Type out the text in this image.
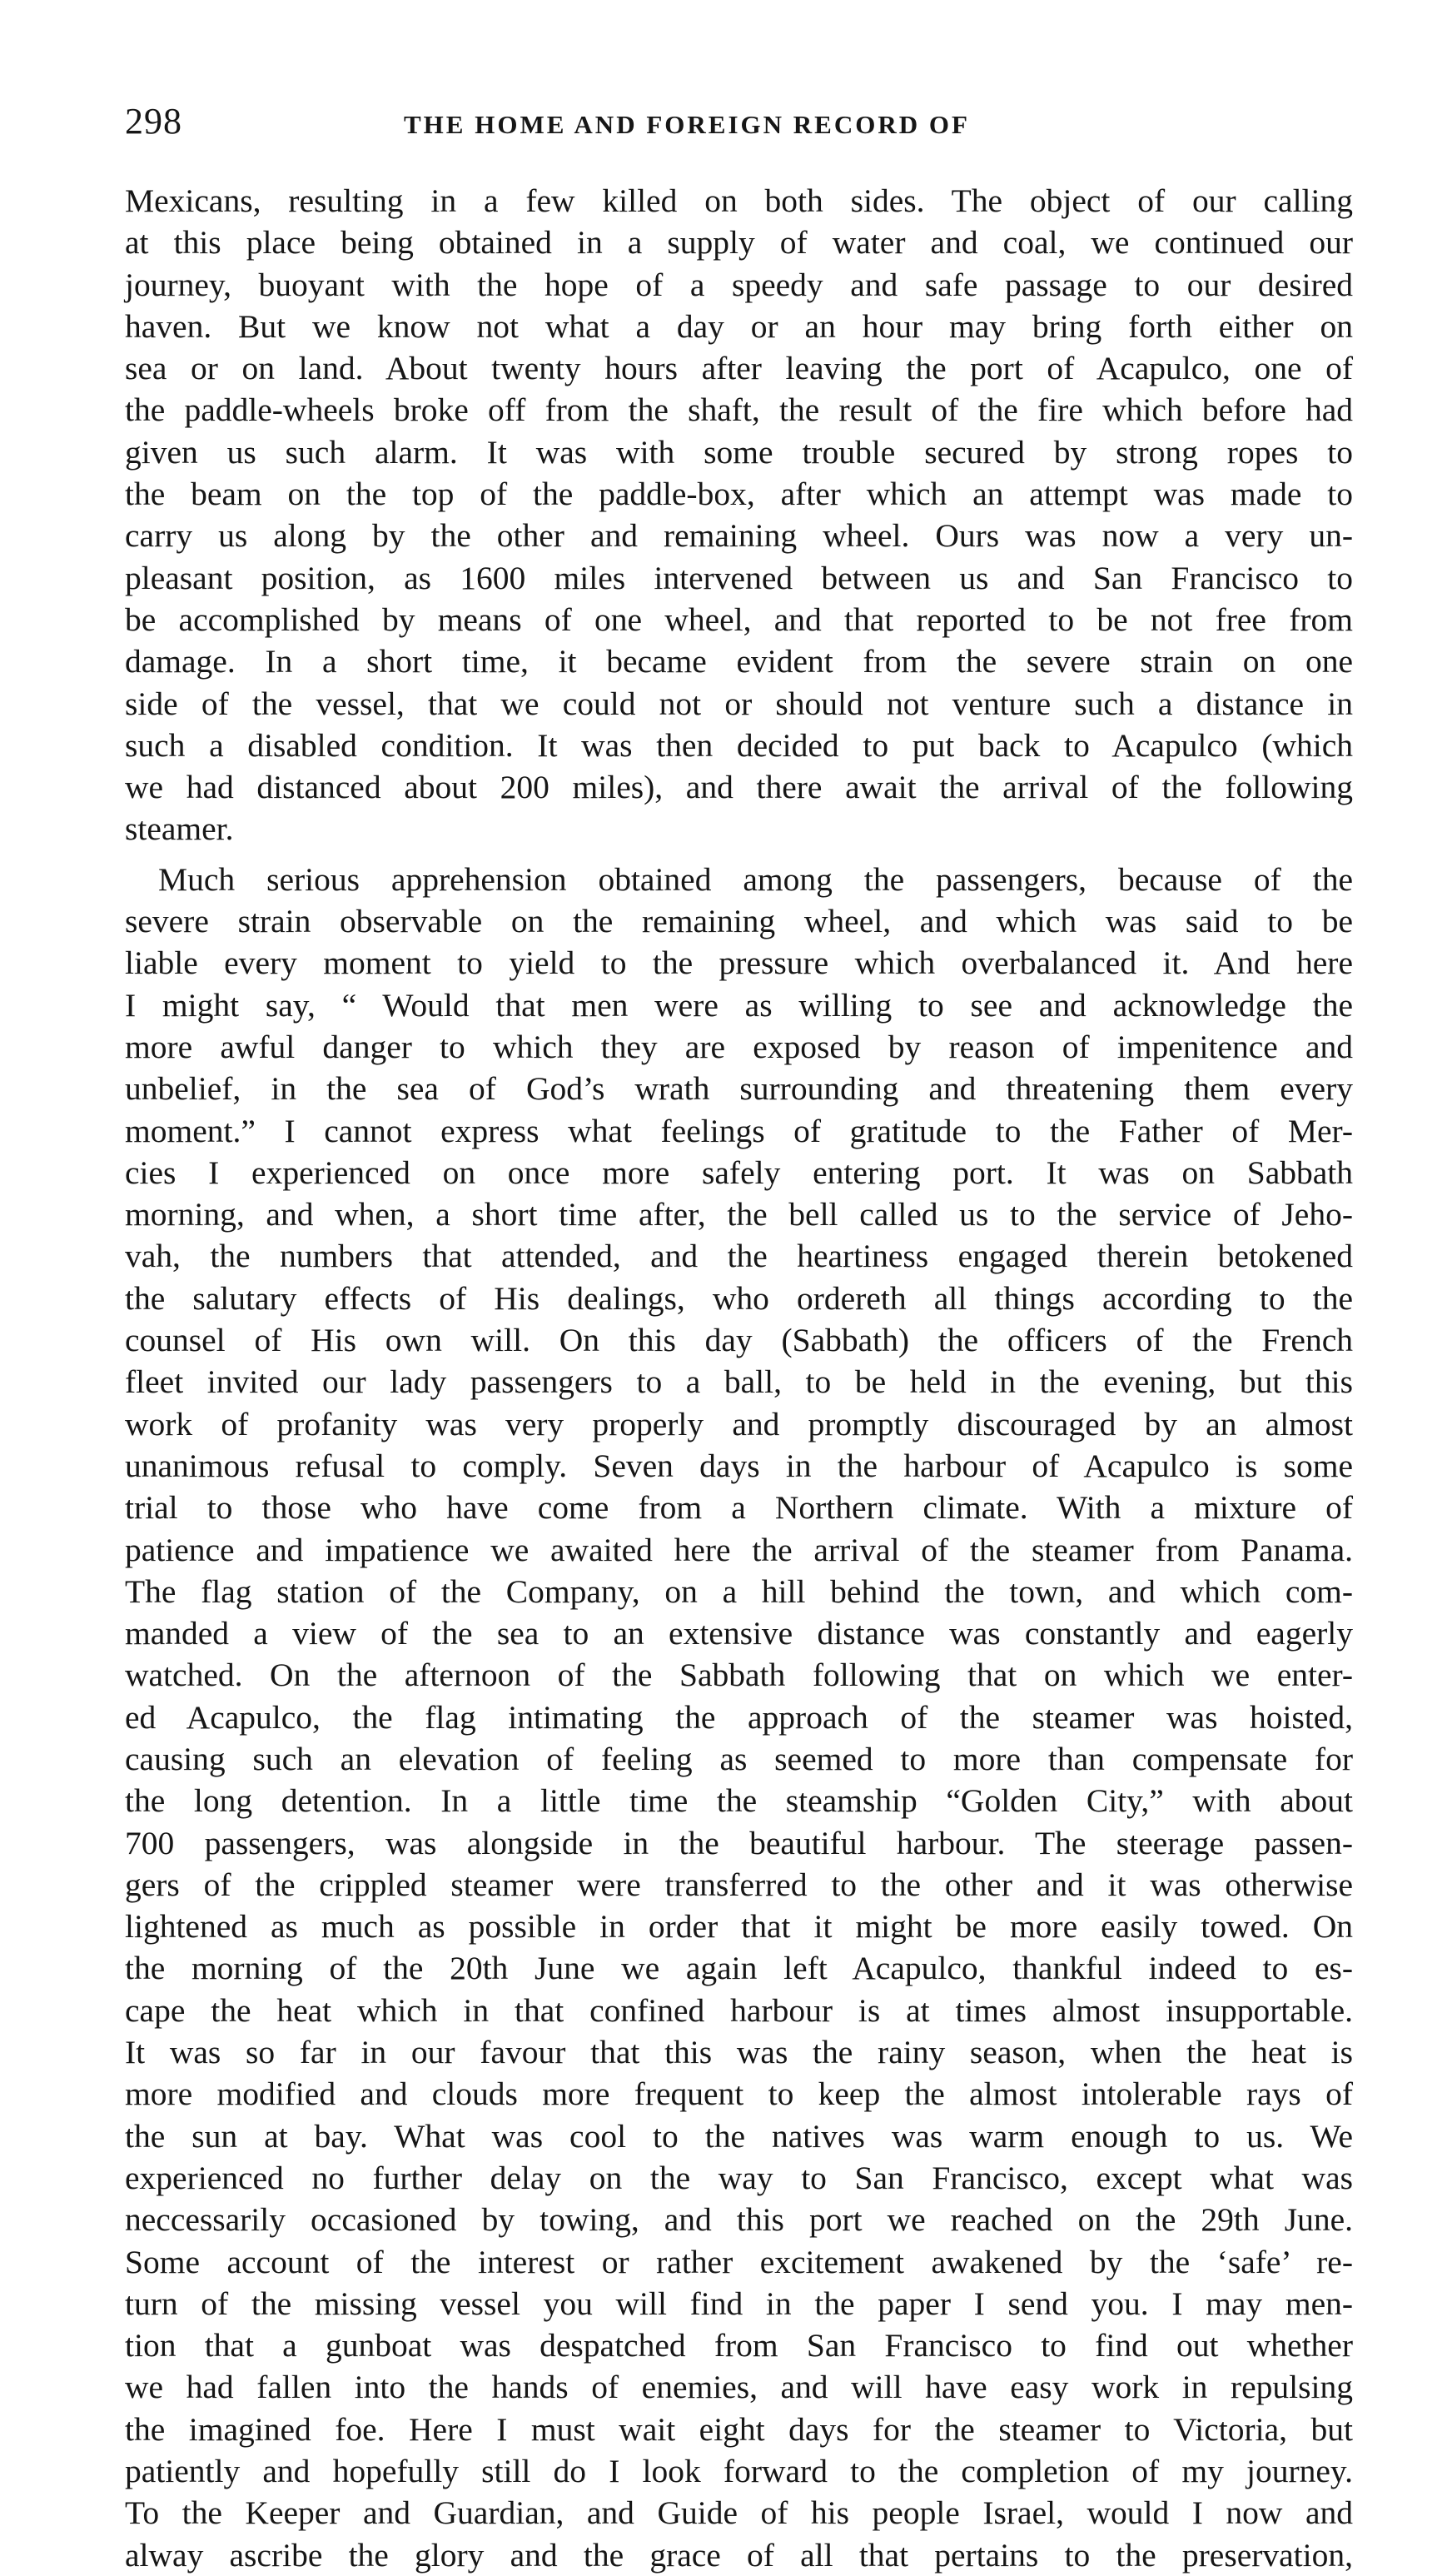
298	THE HOME AND FOREIGN RECORD OF
Mexicans, resulting in a few killed on both sides. The object of our calling
at this place being obtained in a supply of water and coal, we continued our
journey, buoyant with the hope of a speedy and safe passage to our desired
haven. But we know not what a day or an hour may bring forth either on
sea or on land. About twenty hours after leaving the port of Acapulco, one of
the paddle-wheels broke off from the shaft, the result of the fire which before had
given us such alarm. It was with some trouble secured by strong ropes to
the beam on the top of the paddle-box, after which an attempt was made to
carry us along by the other and remaining wheel. Ours was now a very un-
pleasant position, as 1600 miles intervened between us and San Francisco to
be accomplished by means of one wheel, and that reported to be not free from
damage. In a short time, it became evident from the severe strain on one
side of the vessel, that we could not or should not venture such a distance in
such a disabled condition. It was then decided to put back to Acapulco (which
we had distanced about 200 miles), and there await the arrival of the following
steamer.
Much serious apprehension obtained among the passengers, because of the
severe strain observable on the remaining wheel, and which was said to be
liable every moment to yield to the pressure which overbalanced it. And here
I might say, “ Would that men were as willing to see and acknowledge the
more awful danger to which they are exposed by reason of impenitence and
unbelief, in the sea of God’s wrath surrounding and threatening them every
moment.” I cannot express what feelings of gratitude to the Father of Mer-
cies I experienced on once more safely entering port. It was on Sabbath
morning, and when, a short time after, the bell called us to the service of Jeho-
vah, the numbers that attended, and the heartiness engaged therein betokened
the salutary effects of His dealings, who ordereth all things according to the
counsel of His own will. On this day (Sabbath) the officers of the French
fleet invited our lady passengers to a ball, to be held in the evening, but this
work of profanity was very properly and promptly discouraged by an almost
unanimous refusal to comply. Seven days in the harbour of Acapulco is some
trial to those who have come from a Northern climate. With a mixture of
patience and impatience we awaited here the arrival of the steamer from Panama.
The flag station of the Company, on a hill behind the town, and which com-
manded a view of the sea to an extensive distance was constantly and eagerly
watched. On the afternoon of the Sabbath following that on which we enter-
ed Acapulco, the flag intimating the approach of the steamer was hoisted,
causing such an elevation of feeling as seemed to more than compensate for
the long detention. In a little time the steamship “Golden City,” with about
700 passengers, was alongside in the beautiful harbour. The steerage passen-
gers of the crippled steamer were transferred to the other and it was otherwise
lightened as much as possible in order that it might be more easily towed. On
the morning of the 20th June we again left Acapulco, thankful indeed to es-
cape the heat which in that confined harbour is at times almost insupportable.
It was so far in our favour that this was the rainy season, when the heat is
more modified and clouds more frequent to keep the almost intolerable rays of
the sun at bay. What was cool to the natives was warm enough to us. We
experienced no further delay on the way to San Francisco, except what was
neccessarily occasioned by towing, and this port we reached on the 29th June.
Some account of the interest or rather excitement awakened by the ‘safe’ re-
turn of the missing vessel you will find in the paper I send you. I may men-
tion that a gunboat was despatched from San Francisco to find out whether
we had fallen into the hands of enemies, and will have easy work in repulsing
the imagined foe. Here I must wait eight days for the steamer to Victoria, but
patiently and hopefully still do I look forward to the completion of my journey.
To the Keeper and Guardian, and Guide of his people Israel, would I now and
alway ascribe the glory and the grace of all that pertains to the preservation,
